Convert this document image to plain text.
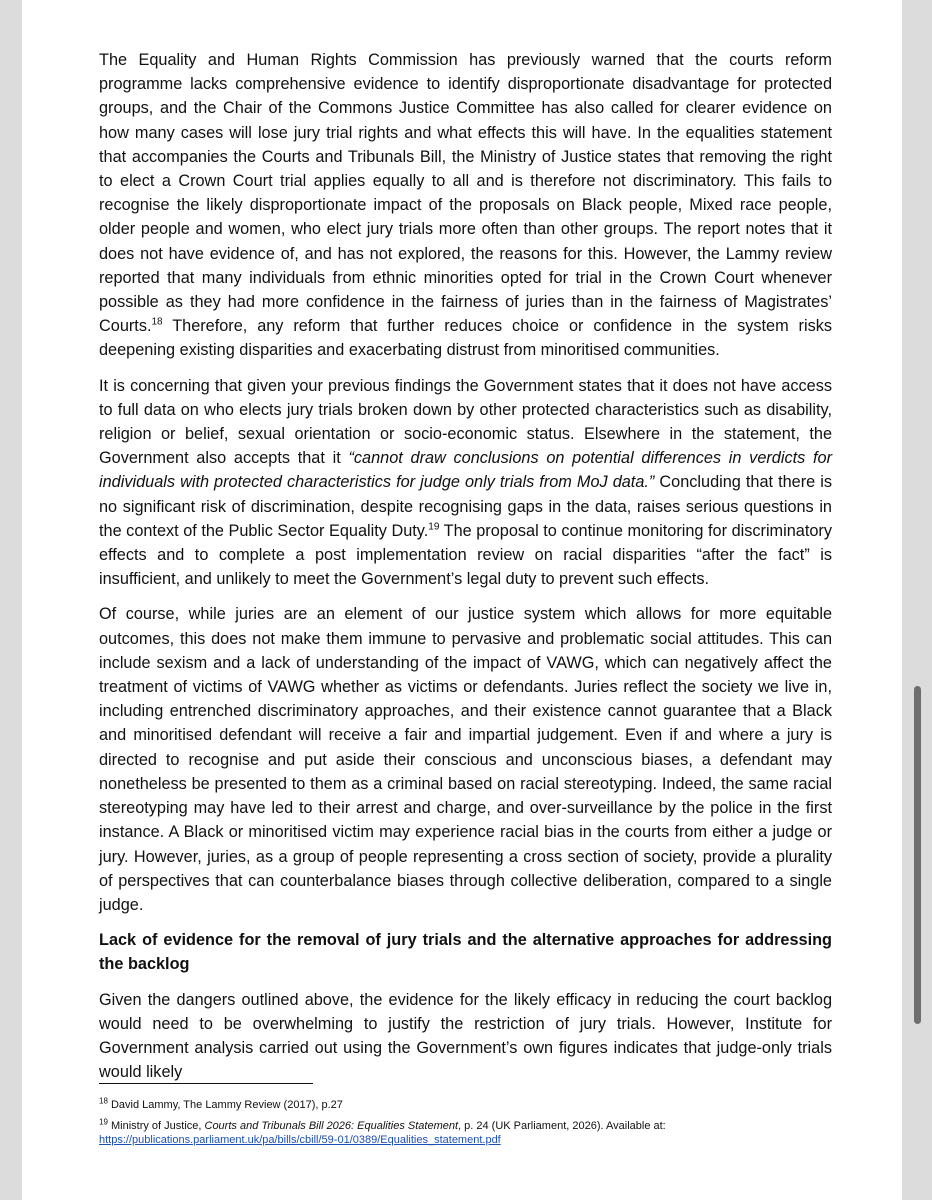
The Equality and Human Rights Commission has previously warned that the courts reform programme lacks comprehensive evidence to identify disproportionate disadvantage for protected groups, and the Chair of the Commons Justice Committee has also called for clearer evidence on how many cases will lose jury trial rights and what effects this will have. In the equalities statement that accompanies the Courts and Tribunals Bill, the Ministry of Justice states that removing the right to elect a Crown Court trial applies equally to all and is therefore not discriminatory. This fails to recognise the likely disproportionate impact of the proposals on Black people, Mixed race people, older people and women, who elect jury trials more often than other groups. The report notes that it does not have evidence of, and has not explored, the reasons for this. However, the Lammy review reported that many individuals from ethnic minorities opted for trial in the Crown Court whenever possible as they had more confidence in the fairness of juries than in the fairness of Magistrates’ Courts.$^{18}$ Therefore, any reform that further reduces choice or confidence in the system risks deepening existing disparities and exacerbating distrust from minoritised communities.

It is concerning that given your previous findings the Government states that it does not have access to full data on who elects jury trials broken down by other protected characteristics such as disability, religion or belief, sexual orientation or socio-economic status. Elsewhere in the statement, the Government also accepts that it “cannot draw conclusions on potential differences in verdicts for individuals with protected characteristics for judge only trials from MoJ data.” Concluding that there is no significant risk of discrimination, despite recognising gaps in the data, raises serious questions in the context of the Public Sector Equality Duty.$^{19}$ The proposal to continue monitoring for discriminatory effects and to complete a post implementation review on racial disparities “after the fact” is insufficient, and unlikely to meet the Government’s legal duty to prevent such effects.

Of course, while juries are an element of our justice system which allows for more equitable outcomes, this does not make them immune to pervasive and problematic social attitudes. This can include sexism and a lack of understanding of the impact of VAWG, which can negatively affect the treatment of victims of VAWG whether as victims or defendants. Juries reflect the society we live in, including entrenched discriminatory approaches, and their existence cannot guarantee that a Black and minoritised defendant will receive a fair and impartial judgement. Even if and where a jury is directed to recognise and put aside their conscious and unconscious biases, a defendant may nonetheless be presented to them as a criminal based on racial stereotyping. Indeed, the same racial stereotyping may have led to their arrest and charge, and over-surveillance by the police in the first instance. A Black or minoritised victim may experience racial bias in the courts from either a judge or jury. However, juries, as a group of people representing a cross section of society, provide a plurality of perspectives that can counterbalance biases through collective deliberation, compared to a single judge.

Lack of evidence for the removal of jury trials and the alternative approaches for addressing the backlog

Given the dangers outlined above, the evidence for the likely efficacy in reducing the court backlog would need to be overwhelming to justify the restriction of jury trials. However, Institute for Government analysis carried out using the Government’s own figures indicates that judge-only trials would likely

$^{18}$ David Lammy, The Lammy Review (2017), p.27
$^{19}$ Ministry of Justice, Courts and Tribunals Bill 2026: Equalities Statement, p. 24 (UK Parliament, 2026). Available at:
https://publications.parliament.uk/pa/bills/cbill/59-01/0389/Equalities_statement.pdf
